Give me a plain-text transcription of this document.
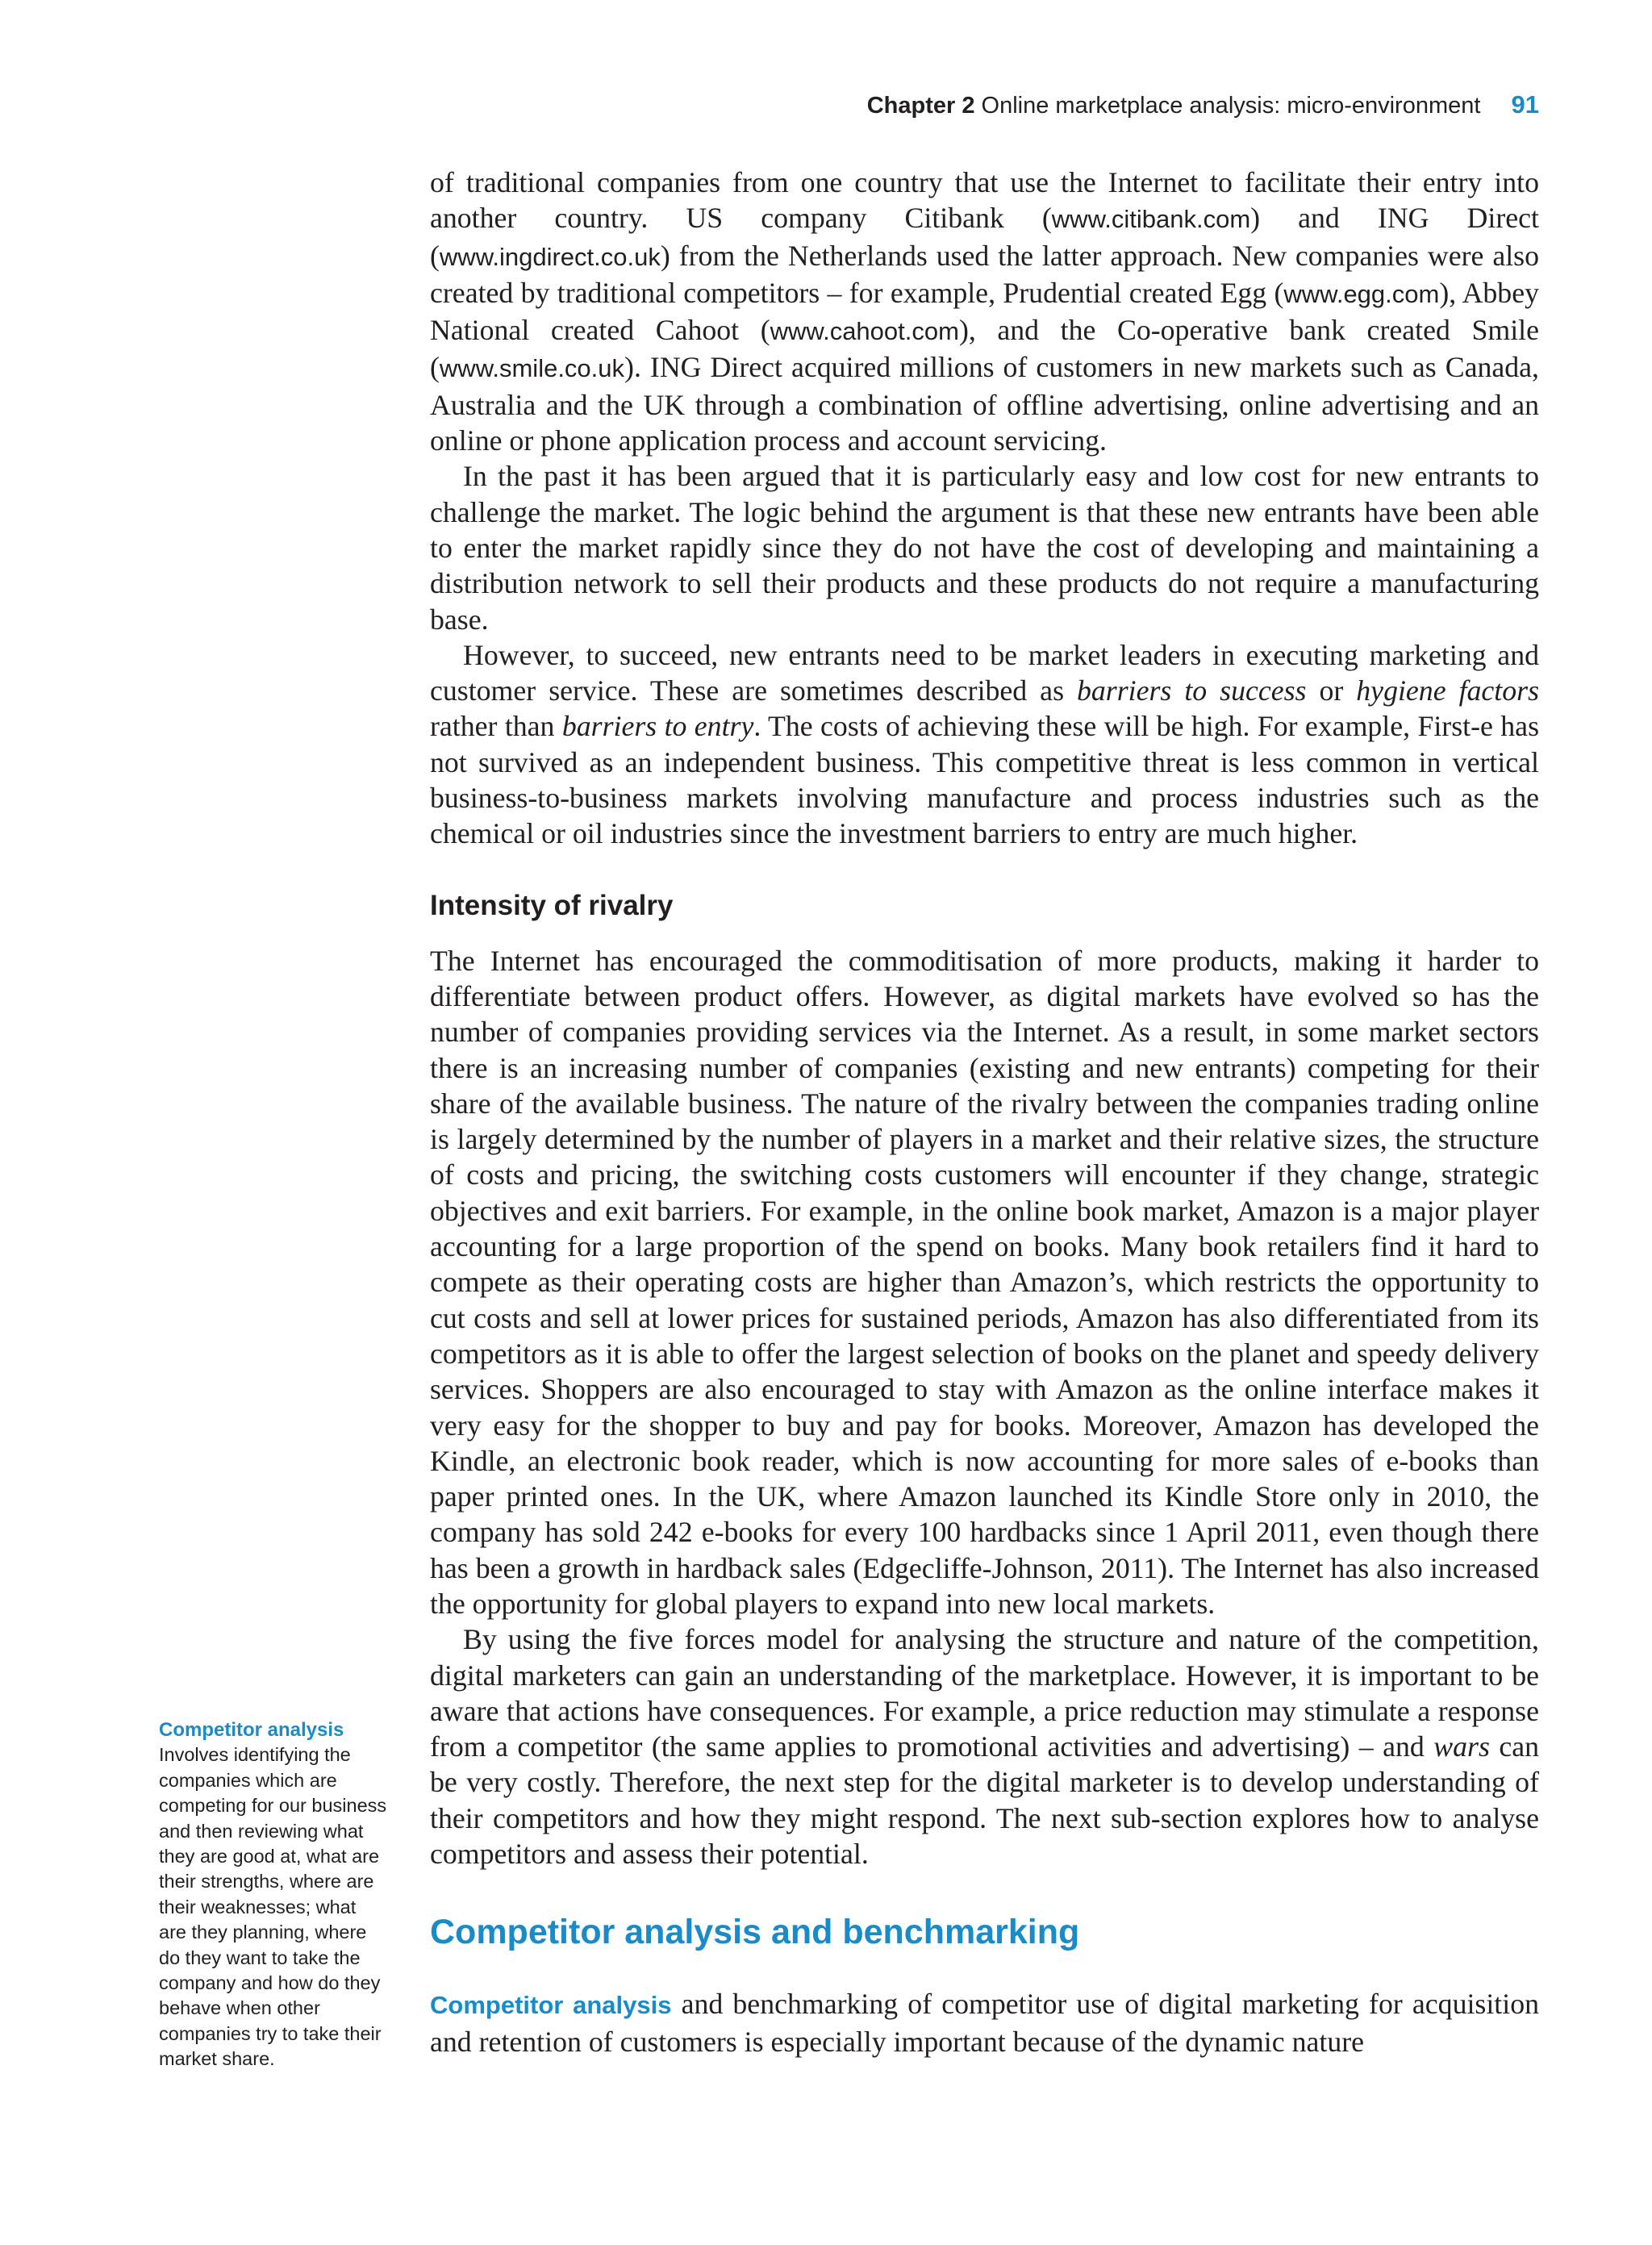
Chapter 2 Online marketplace analysis: micro-environment 91

of traditional companies from one country that use the Internet to facilitate their entry into another country. US company Citibank (www.citibank.com) and ING Direct (www.ingdirect.co.uk) from the Netherlands used the latter approach. New companies were also created by traditional competitors – for example, Prudential created Egg (www.egg.com), Abbey National created Cahoot (www.cahoot.com), and the Co-operative bank created Smile (www.smile.co.uk). ING Direct acquired millions of customers in new markets such as Canada, Australia and the UK through a combination of offline advertising, online advertising and an online or phone application process and account servicing.

In the past it has been argued that it is particularly easy and low cost for new entrants to challenge the market. The logic behind the argument is that these new entrants have been able to enter the market rapidly since they do not have the cost of developing and maintaining a distribution network to sell their products and these products do not require a manufacturing base.

However, to succeed, new entrants need to be market leaders in executing marketing and customer service. These are sometimes described as barriers to success or hygiene factors rather than barriers to entry. The costs of achieving these will be high. For example, First-e has not survived as an independent business. This competitive threat is less common in vertical business-to-business markets involving manufacture and process industries such as the chemical or oil industries since the investment barriers to entry are much higher.

Intensity of rivalry

The Internet has encouraged the commoditisation of more products, making it harder to differentiate between product offers. However, as digital markets have evolved so has the number of companies providing services via the Internet. As a result, in some market sectors there is an increasing number of companies (existing and new entrants) competing for their share of the available business. The nature of the rivalry between the companies trading online is largely determined by the number of players in a market and their relative sizes, the structure of costs and pricing, the switching costs customers will encounter if they change, strategic objectives and exit barriers. For example, in the online book market, Amazon is a major player accounting for a large proportion of the spend on books. Many book retailers find it hard to compete as their operating costs are higher than Amazon’s, which restricts the opportunity to cut costs and sell at lower prices for sustained periods, Amazon has also differentiated from its competitors as it is able to offer the largest selection of books on the planet and speedy delivery services. Shoppers are also encouraged to stay with Amazon as the online interface makes it very easy for the shopper to buy and pay for books. Moreover, Amazon has developed the Kindle, an electronic book reader, which is now accounting for more sales of e-books than paper printed ones. In the UK, where Amazon launched its Kindle Store only in 2010, the company has sold 242 e-books for every 100 hardbacks since 1 April 2011, even though there has been a growth in hardback sales (Edgecliffe-Johnson, 2011). The Internet has also increased the opportunity for global players to expand into new local markets.

By using the five forces model for analysing the structure and nature of the competition, digital marketers can gain an understanding of the marketplace. However, it is important to be aware that actions have consequences. For example, a price reduction may stimulate a response from a competitor (the same applies to promotional activities and advertising) – and wars can be very costly. Therefore, the next step for the digital marketer is to develop understanding of their competitors and how they might respond. The next sub-section explores how to analyse competitors and assess their potential.

Competitor analysis and benchmarking

Competitor analysis and benchmarking of competitor use of digital marketing for acquisition and retention of customers is especially important because of the dynamic nature

Competitor analysis
Involves identifying the companies which are competing for our business and then reviewing what they are good at, what are their strengths, where are their weaknesses; what are they planning, where do they want to take the company and how do they behave when other companies try to take their market share.
